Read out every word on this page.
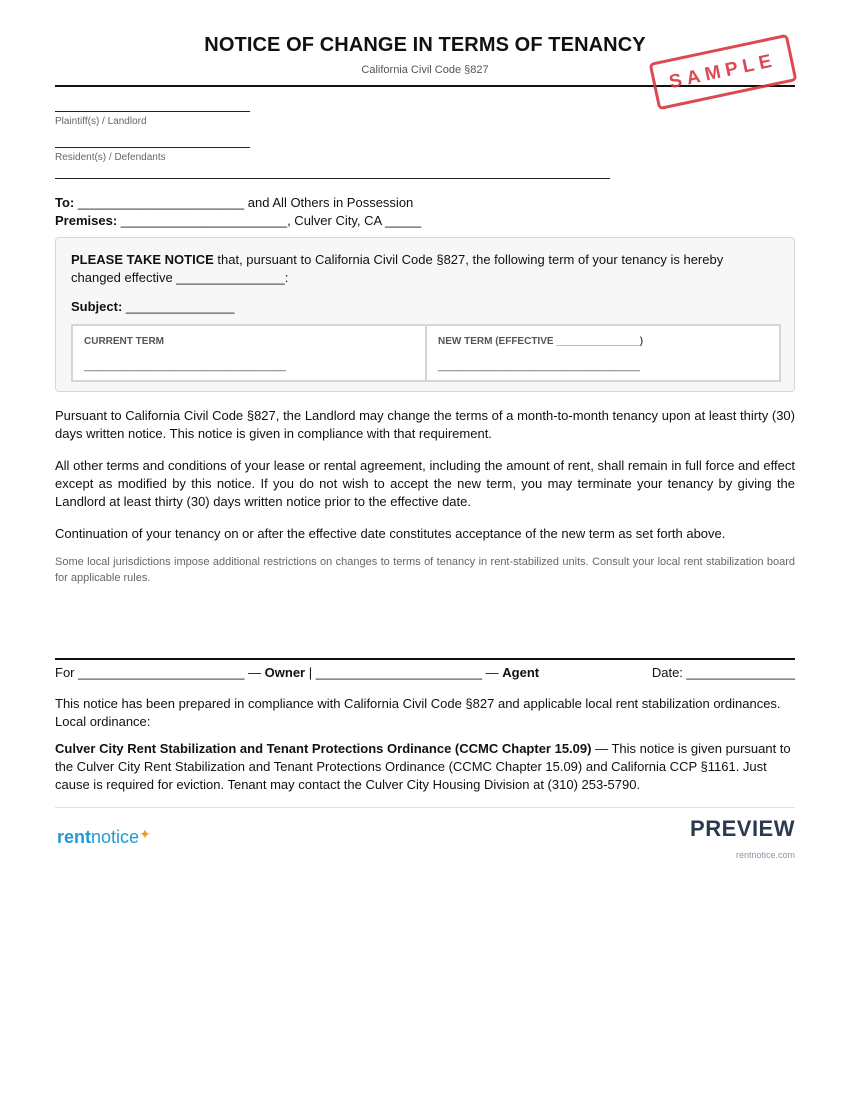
NOTICE OF CHANGE IN TERMS OF TENANCY
California Civil Code §827	SAMPLE
Plaintiff(s) / Landlord
Resident(s) / Defendants
To: _______________________ and All Others in Possession
Premises: _______________________, Culver City, CA _____
PLEASE TAKE NOTICE that, pursuant to California Civil Code §827, the following term of your tenancy is hereby changed effective _______________:
Subject: _______________
CURRENT TERM
_________________________________
NEW TERM (EFFECTIVE _______________)
_________________________________
Pursuant to California Civil Code §827, the Landlord may change the terms of a month-to-month tenancy upon at least thirty (30) days written notice. This notice is given in compliance with that requirement.
All other terms and conditions of your lease or rental agreement, including the amount of rent, shall remain in full force and effect except as modified by this notice. If you do not wish to accept the new term, you may terminate your tenancy by giving the Landlord at least thirty (30) days written notice prior to the effective date.
Continuation of your tenancy on or after the effective date constitutes acceptance of the new term as set forth above.
Some local jurisdictions impose additional restrictions on changes to terms of tenancy in rent-stabilized units. Consult your local rent stabilization board for applicable rules.
For _______________________ — Owner | _______________________ — Agent	Date: _______________
This notice has been prepared in compliance with California Civil Code §827 and applicable local rent stabilization ordinances. Local ordinance:
Culver City Rent Stabilization and Tenant Protections Ordinance (CCMC Chapter 15.09) — This notice is given pursuant to the Culver City Rent Stabilization and Tenant Protections Ordinance (CCMC Chapter 15.09) and California CCP §1161. Just cause is required for eviction. Tenant may contact the Culver City Housing Division at (310) 253-5790.
rentnotice✦	PREVIEW
rentnotice.com
